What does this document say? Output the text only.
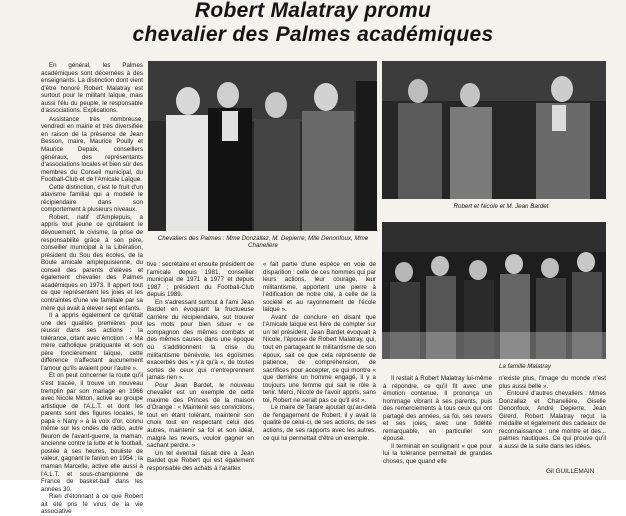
Robert Malatray promu
chevalier des Palmes académiques

En général, les Palmes académiques sont décernées à des enseignants. La distinction dont vient d'être honoré Robert Malatray est surtout pour le militant laïque, mais aussi l'élu du peuple, le responsable d'associations. Explications.

Assistance très nombreuse, vendredi en mairie et très diversifiée en raison de la présence de Jean Besson, maire, Maurice Poully et Maurice Depaix, conseillers généraux, des représentants d'associations locales et bien sûr des membres du Conseil municipal, du Football-Club et de l'Amicale Laïque.

Cette distinction, c'est le fruit d'un atavisme familial qui a modelé le récipiendaire dans son comportement à plusieurs niveaux.

Robert, natif d'Amplepuis, a appris tout jeune ce qu'étaient le dévouement, le civisme, la prise de responsabilité grâce à son père, conseiller municipal à la Libération, président du Sou des écoles, de la Boule amicale amplepuisienne, du conseil des parents d'élèves et également chevalier des Palmes académiques en 1973. Il appert tout ce que représentent les joies et les contraintes d'une vie familiale par sa mère qui avait à élever sept enfants.

Il a appris également ce qu'était une des qualités premières pour réussir dans ses actions : la tolérance, citant avec émotion : « Ma mère catholique pratiquante et son père foncièrement laïque, cette différence n'affectant aucunement l'amour qu'ils avaient pour l'autre ».

Et on peut concerner la route qu'il s'est tracée, il trouve un nouveau tremplin par son mariage en 1966 avec Nicole Mitton, active au groupe artistique de l'A.L.T. et dont les parents sont des figures locales, le papa « Nany » à la voix d'or, connu même sur les ondes de radio, autre fleuron de l'avant-guerre, la maman, ancienne contre la lutte et le football, postée à ses heures, bouliste de valeur, gagnant le fanion en 1954 ; la maman Marcelle, active elle aussi à l'A.L.T. et sous-championne de France de basket-ball dans les années 30.

Rien d'étonnant à ce que Robert ait été pris le virus de la vie associative

Chevaliers des Palmes : Mme Donzallaz, M. Depierre, Mlle Denonfoux, Mme Chanelière
Robert et Nicole et M. Jean Bardet

tive : secrétaire et ensuite président de l'amicale depuis 1981, conseiller municipal de 1971 à 1977 et depuis 1987 ; président du Football-Club depuis 1989.

En s'adressant surtout à l'ami Jean Bardet en évoquant la fructueuse carrière du récipiendaire, sut trouver les mots pour bien situer « ce compagnon des mêmes combats et des mêmes causes dans une époque où s'additionnent la crise du militantisme bénévole, les égoïsmes exacerbés des « y'a qu'à », de toutes sortes de ceux qui n'entreprennent jamais rien ».

Pour Jean Bardet, le nouveau chevalier est un exemple de cette maxime des Princes de la maison d'Orange : « Maintenir ses convictions, tout en étant tolérant, maintenir son choix tout en respectant celui des autres, maintenir sa foi et son idéal, malgré les revers, vouloir gagner en sachant perdre. »

Un tel éventail faisait dire à Jean Bardet que Robert qui est également responsable des achats à l'arattex

« fait partie d'une espèce en voie de disparition : celle de ces hommes qui par leurs actions, leur courage, leur militantisme, apportent une pierre à l'édification de notre cité, à celle de la société et au rayonnement de l'école laïque ».

Avant de conclure en disant que l'Amicale laïque est fière de compter sur un tel président, Jean Bardet évoquait à Nicole, l'épouse de Robert Malatray, qui, tout en partageant le militantisme de son époux, sait ce que cela représente de patience, de compréhension, de sacrifices pour accepter, ce qui montre « que derrière un homme engagé, il y a toujours une femme qui sait le rôle à tenir. Merci, Nicole de l'avoir appris, sans toi, Robert ne serait pas ce qu'il est ».

Le maire de Tarare ajoutait qu'au-delà de l'engagement de Robert, il y avait la qualité de celui-ci, de ses actions, de ses actions, de ses rapports avec les autres, ce qui lui permettait d'être un exemple.

La famille Malatray

Il restait à Robert Malatray lui-même à répondre, ce qu'il fit avec une émotion contenue. Il prononça un hommage vibrant à ses parents, puis des remerciements à tous ceux qui ont partagé des années, sa foi, ses revers et ses joies, avec une fidélité remarquable, en particulier son épouse.

Il terminait en soulignant « que pour lui la tolérance permettait de grandes choses, que quand elle

n'existe plus, l'image du monde n'est plus aussi belle ».

Entouré d'autres chevaliers : Mmes Donzallaz et Chanelière, Giselle Denonfoux, André Depierre, Jean Girerd, Robert Malatray reçut la médaille et également des cadeaux de reconnaissance : une montre et des... palmes nautiques. Ce qui prouve qu'il a aussi de la suite dans les idées.

Gil GUILLEMAIN
